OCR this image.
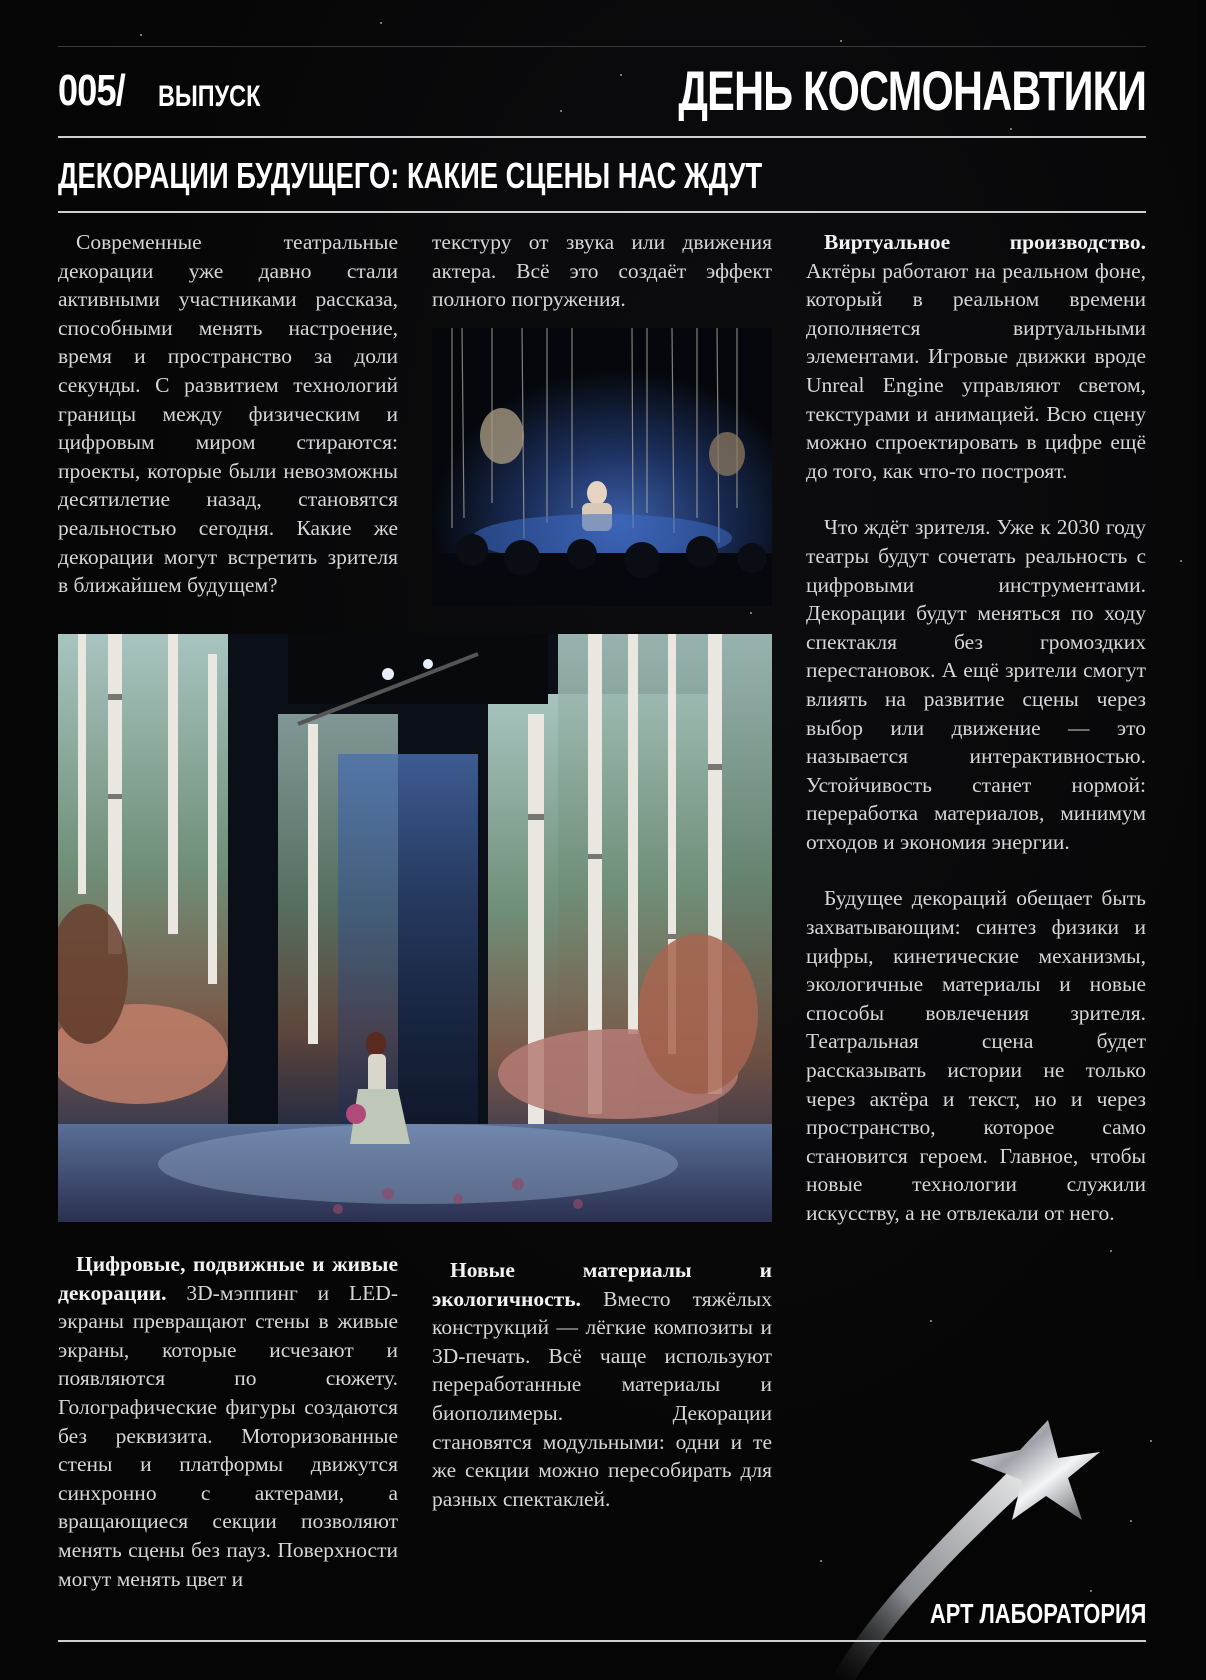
005/ ВЫПУСК	ДЕНЬ КОСМОНАВТИКИ
ДЕКОРАЦИИ БУДУЩЕГО: КАКИЕ СЦЕНЫ НАС ЖДУТ

Современные театральные декорации уже давно стали активными участниками рассказа, способными менять настроение, время и пространство за доли секунды. С развитием технологий границы между физическим и цифровым миром стираются: проекты, которые были невозможны десятилетие назад, становятся реальностью сегодня. Какие же декорации могут встретить зрителя в ближайшем будущем?

текстуру от звука или движения актера. Всё это создаёт эффект полного погружения.

Цифровые, подвижные и живые декорации. 3D-мэппинг и LED-экраны превращают стены в живые экраны, которые исчезают и появляются по сюжету. Голографические фигуры создаются без реквизита. Моторизованные стены и платформы движутся синхронно с актерами, а вращающиеся секции позволяют менять сцены без пауз. Поверхности могут менять цвет и

Новые материалы и экологичность. Вместо тяжёлых конструкций — лёгкие композиты и 3D-печать. Всё чаще используют переработанные материалы и биополимеры. Декорации становятся модульными: одни и те же секции можно пересобирать для разных спектаклей.

Виртуальное производство. Актёры работают на реальном фоне, который в реальном времени дополняется виртуальными элементами. Игровые движки вроде Unreal Engine управляют светом, текстурами и анимацией. Всю сцену можно спроектировать в цифре ещё до того, как что-то построят.

Что ждёт зрителя. Уже к 2030 году театры будут сочетать реальность с цифровыми инструментами. Декорации будут меняться по ходу спектакля без громоздких перестановок. А ещё зрители смогут влиять на развитие сцены через выбор или движение — это называется интерактивностью. Устойчивость станет нормой: переработка материалов, минимум отходов и экономия энергии.

Будущее декораций обещает быть захватывающим: синтез физики и цифры, кинетические механизмы, экологичные материалы и новые способы вовлечения зрителя. Театральная сцена будет рассказывать истории не только через актёра и текст, но и через пространство, которое само становится героем. Главное, чтобы новые технологии служили искусству, а не отвлекали от него.

АРТ ЛАБОРАТОРИЯ
